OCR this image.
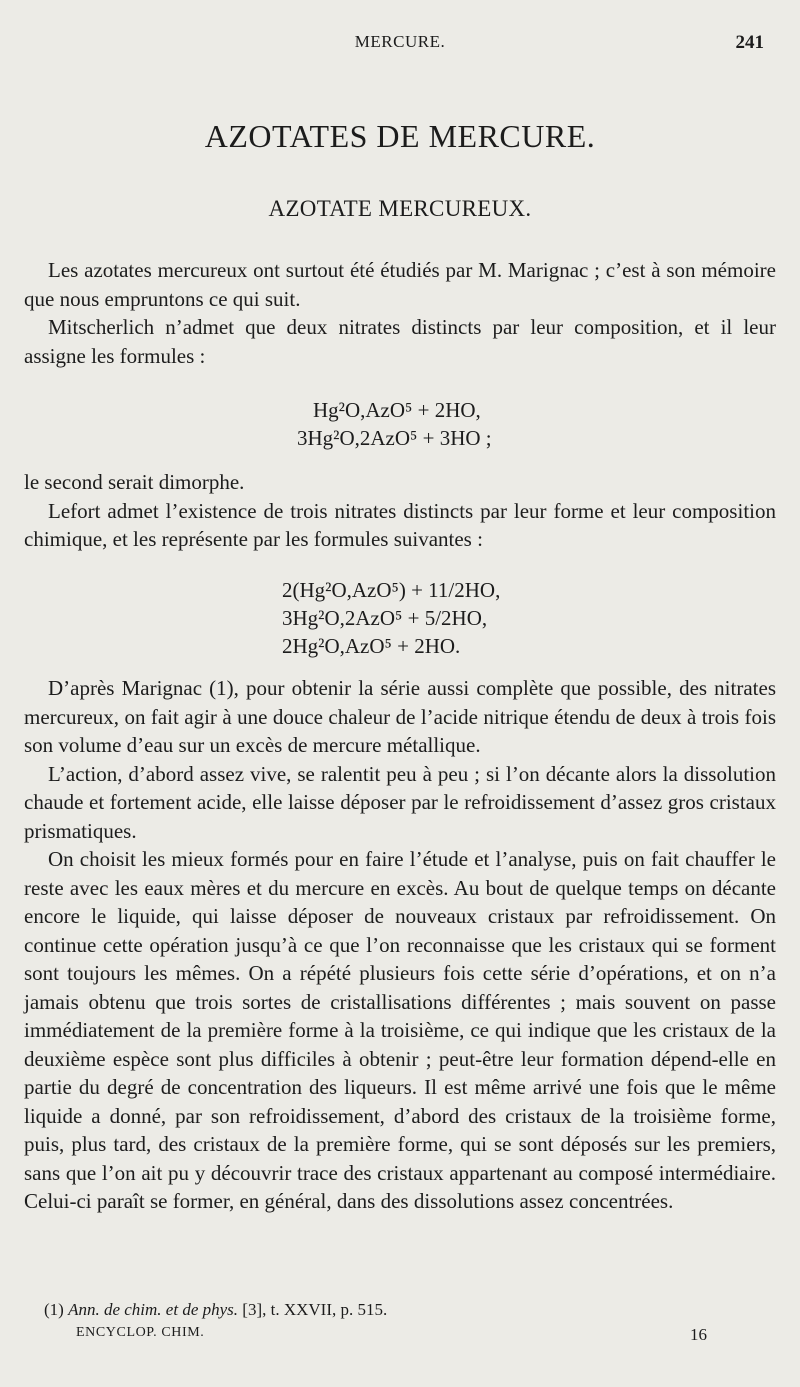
MERCURE.	241
AZOTATES DE MERCURE.
AZOTATE MERCUREUX.

Les azotates mercureux ont surtout été étudiés par M. Marignac ; c’est à son mémoire que nous empruntons ce qui suit.

Mitscherlich n’admet que deux nitrates distincts par leur composition, et il leur assigne les formules :

Hg²O,AzO⁵ + 2HO,
3Hg²O,2AzO⁵ + 3HO ;

le second serait dimorphe.

Lefort admet l’existence de trois nitrates distincts par leur forme et leur composition chimique, et les représente par les formules suivantes :

2(Hg²O,AzO⁵) + 11/2HO,
3Hg²O,2AzO⁵ + 5/2HO,
2Hg²O,AzO⁵ + 2HO.

D’après Marignac (1), pour obtenir la série aussi complète que possible, des nitrates mercureux, on fait agir à une douce chaleur de l’acide nitrique étendu de deux à trois fois son volume d’eau sur un excès de mercure métallique.

L’action, d’abord assez vive, se ralentit peu à peu ; si l’on décante alors la dissolution chaude et fortement acide, elle laisse déposer par le refroidissement d’assez gros cristaux prismatiques.

On choisit les mieux formés pour en faire l’étude et l’analyse, puis on fait chauffer le reste avec les eaux mères et du mercure en excès. Au bout de quelque temps on décante encore le liquide, qui laisse déposer de nouveaux cristaux par refroidissement. On continue cette opération jusqu’à ce que l’on reconnaisse que les cristaux qui se forment sont toujours les mêmes. On a répété plusieurs fois cette série d’opérations, et on n’a jamais obtenu que trois sortes de cristallisations différentes ; mais souvent on passe immédiatement de la première forme à la troisième, ce qui indique que les cristaux de la deuxième espèce sont plus difficiles à obtenir ; peut-être leur formation dépend-elle en partie du degré de concentration des liqueurs. Il est même arrivé une fois que le même liquide a donné, par son refroidissement, d’abord des cristaux de la troisième forme, puis, plus tard, des cristaux de la première forme, qui se sont déposés sur les premiers, sans que l’on ait pu y découvrir trace des cristaux appartenant au composé intermédiaire. Celui-ci paraît se former, en général, dans des dissolutions assez concentrées.

(1) Ann. de chim. et de phys. [3], t. XXVII, p. 515.
ENCYCLOP. CHIM.	16
